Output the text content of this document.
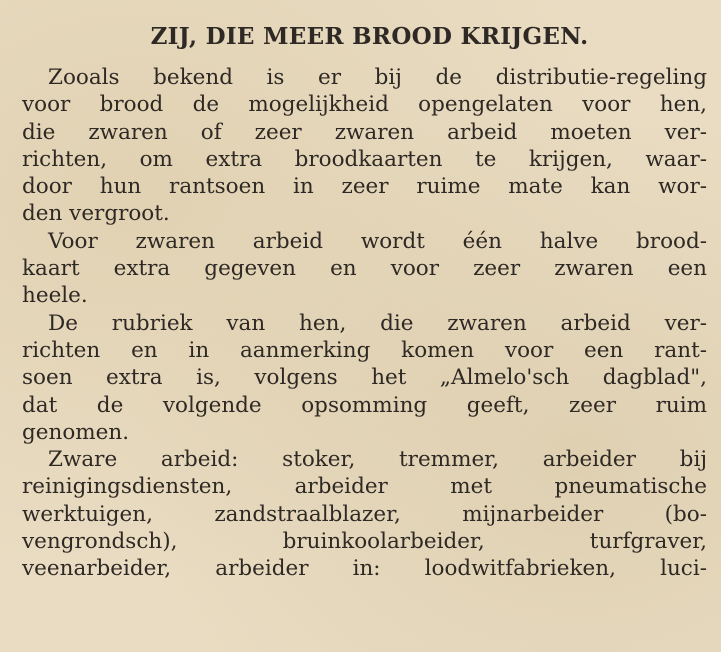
ZIJ, DIE MEER BROOD KRIJGEN.
Zooals bekend is er bij de distributie-regeling
voor brood de mogelijkheid opengelaten voor hen,
die zwaren of zeer zwaren arbeid moeten ver-
richten, om extra broodkaarten te krijgen, waar-
door hun rantsoen in zeer ruime mate kan wor-
den vergroot.
Voor zwaren arbeid wordt één halve brood-
kaart extra gegeven en voor zeer zwaren een
heele.
De rubriek van hen, die zwaren arbeid ver-
richten en in aanmerking komen voor een rant-
soen extra is, volgens het „Almelo'sch dagblad",
dat de volgende opsomming geeft, zeer ruim
genomen.
Zware arbeid: stoker, tremmer, arbeider bij
reinigingsdiensten, arbeider met pneumatische
werktuigen, zandstraalblazer, mijnarbeider (bo-
vengrondsch), bruinkoolarbeider, turfgraver,
veenarbeider, arbeider in: loodwitfabrieken, luci-
